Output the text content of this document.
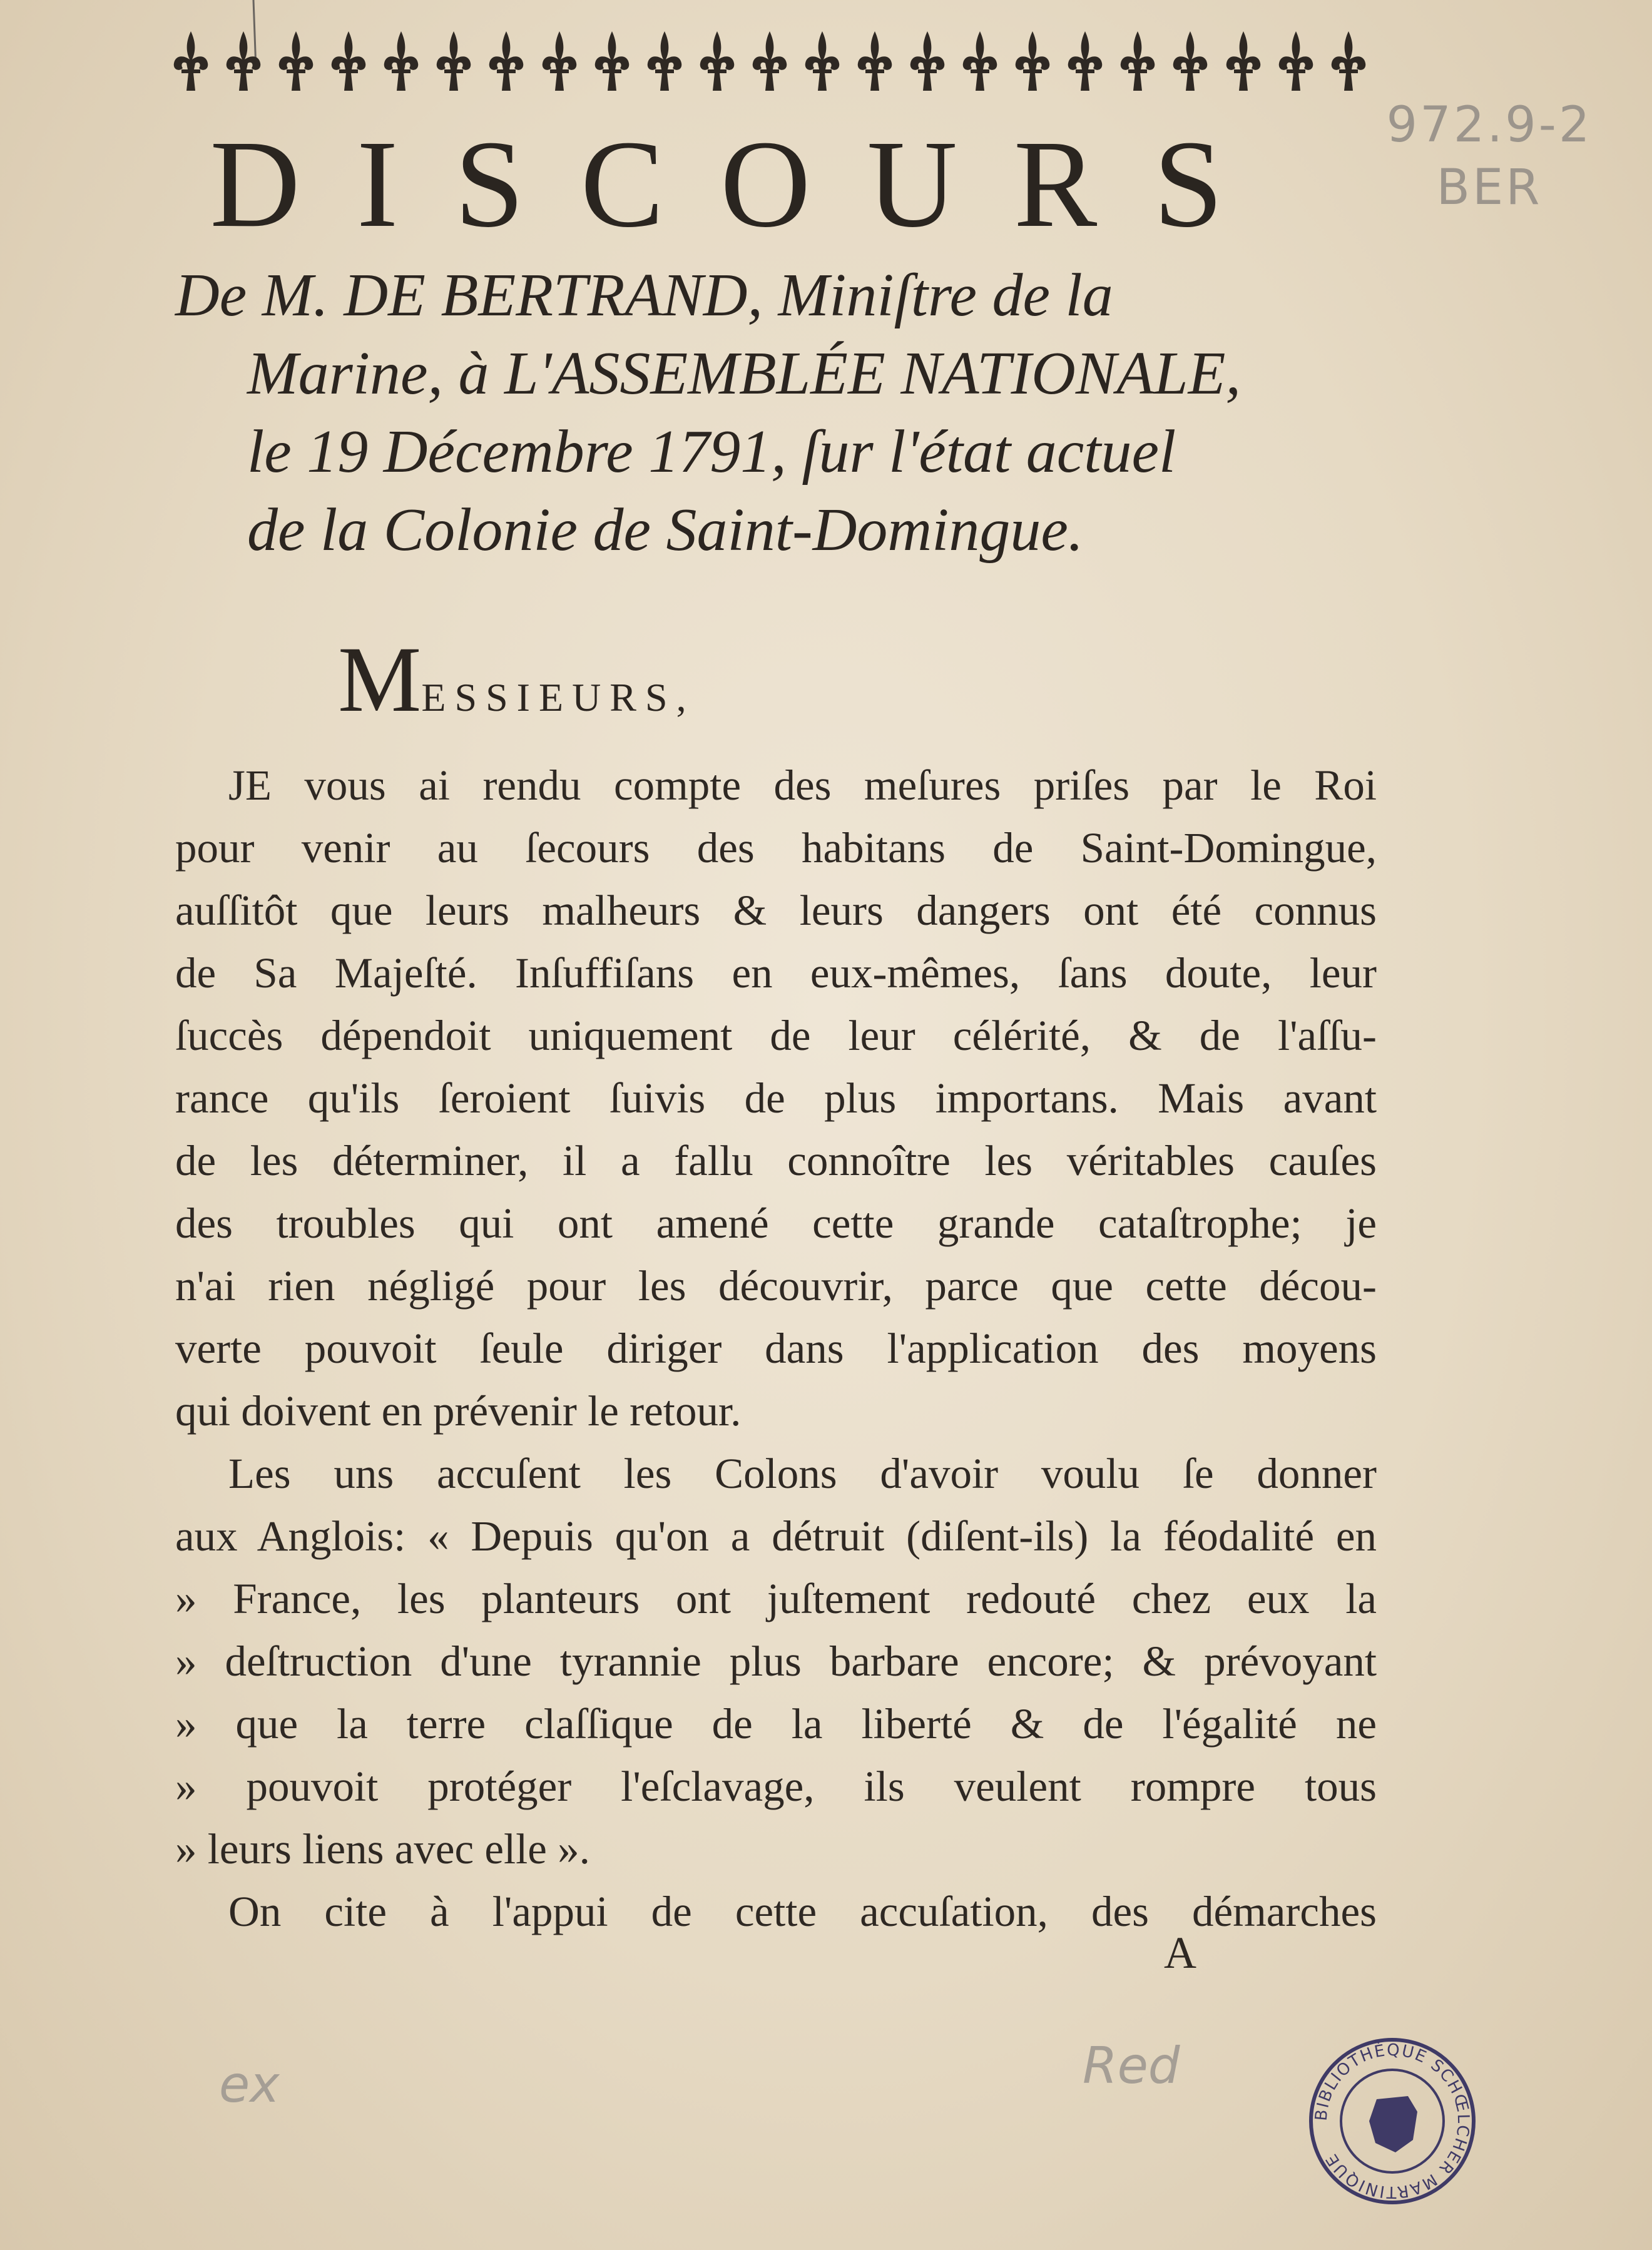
DISCOURS
De M. DE BERTRAND, Miniſtre de la
Marine, à L'ASSEMBLÉE NATIONALE,
le 19 Décembre 1791, ſur l'état actuel
de la Colonie de Saint-Domingue.
MESSIEURS,
JE vous ai rendu compte des meſures priſes par le Roi
pour venir au ſecours des habitans de Saint-Domingue,
auſſitôt que leurs malheurs & leurs dangers ont été connus
de Sa Majeſté. Inſuffiſans en eux-mêmes, ſans doute, leur
ſuccès dépendoit uniquement de leur célérité, & de l'aſſu-
rance qu'ils ſeroient ſuivis de plus importans. Mais avant
de les déterminer, il a fallu connoître les véritables cauſes
des troubles qui ont amené cette grande cataſtrophe; je
n'ai rien négligé pour les découvrir, parce que cette décou-
verte pouvoit ſeule diriger dans l'application des moyens
qui doivent en prévenir le retour.
Les uns accuſent les Colons d'avoir voulu ſe donner
aux Anglois: « Depuis qu'on a détruit (diſent-ils) la féodalité en
» France, les planteurs ont juſtement redouté chez eux la
» deſtruction d'une tyrannie plus barbare encore; & prévoyant
» que la terre claſſique de la liberté & de l'égalité ne
» pouvoit protéger l'eſclavage, ils veulent rompre tous
» leurs liens avec elle ».
On cite à l'appui de cette accuſation, des démarches
A
972.9-2
BER
ex	Red
BIBLIOTHÈQUE SCHŒLCHER MARTINIQUE
